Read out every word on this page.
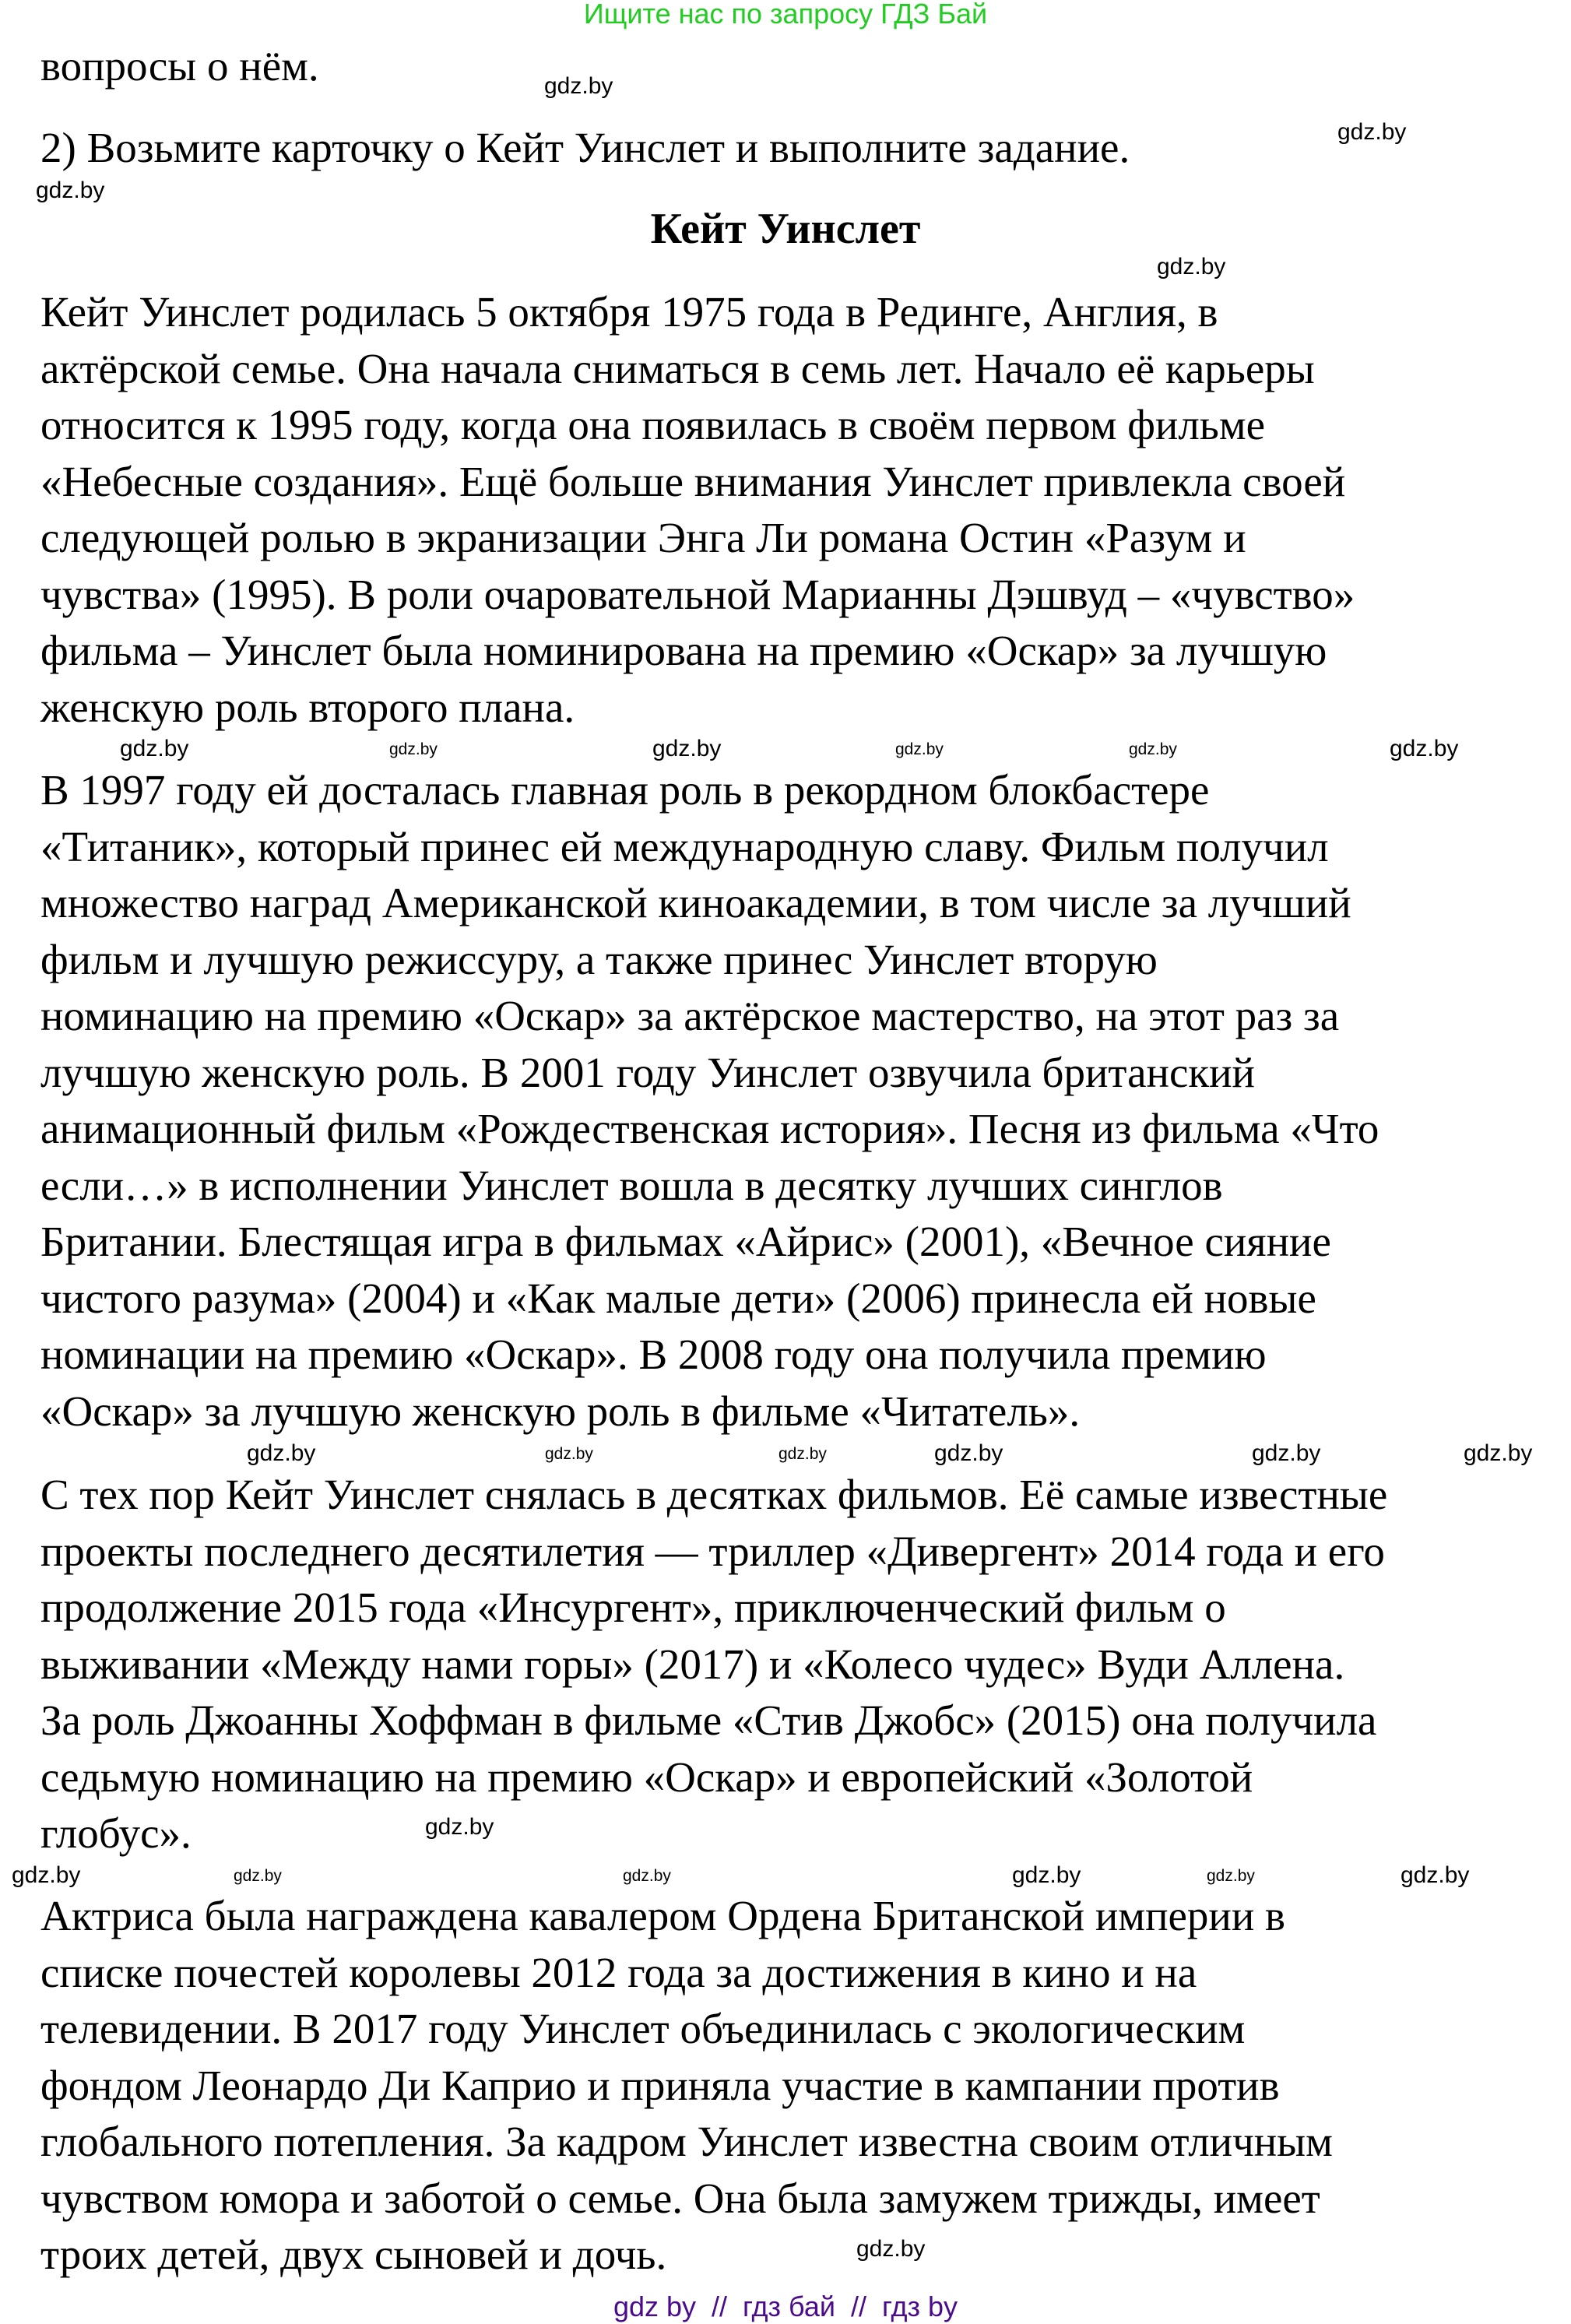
Ищите нас по запросу ГДЗ Бай
вопросы о нём.
2) Возьмите карточку о Кейт Уинслет и выполните задание.
Кейт Уинслет
Кейт Уинслет родилась 5 октября 1975 года в Рединге, Англия, в
актёрской семье. Она начала сниматься в семь лет. Начало её карьеры
относится к 1995 году, когда она появилась в своём первом фильме
«Небесные создания». Ещё больше внимания Уинслет привлекла своей
следующей ролью в экранизации Энга Ли романа Остин «Разум и
чувства» (1995). В роли очаровательной Марианны Дэшвуд – «чувство»
фильма – Уинслет была номинирована на премию «Оскар» за лучшую
женскую роль второго плана.
В 1997 году ей досталась главная роль в рекордном блокбастере
«Титаник», который принес ей международную славу. Фильм получил
множество наград Американской киноакадемии, в том числе за лучший
фильм и лучшую режиссуру, а также принес Уинслет вторую
номинацию на премию «Оскар» за актёрское мастерство, на этот раз за
лучшую женскую роль. В 2001 году Уинслет озвучила британский
анимационный фильм «Рождественская история». Песня из фильма «Что
если…» в исполнении Уинслет вошла в десятку лучших синглов
Британии. Блестящая игра в фильмах «Айрис» (2001), «Вечное сияние
чистого разума» (2004) и «Как малые дети» (2006) принесла ей новые
номинации на премию «Оскар». В 2008 году она получила премию
«Оскар» за лучшую женскую роль в фильме «Читатель».
С тех пор Кейт Уинслет снялась в десятках фильмов. Её самые известные
проекты последнего десятилетия — триллер «Дивергент» 2014 года и его
продолжение 2015 года «Инсургент», приключенческий фильм о
выживании «Между нами горы» (2017) и «Колесо чудес» Вуди Аллена.
За роль Джоанны Хоффман в фильме «Стив Джобс» (2015) она получила
седьмую номинацию на премию «Оскар» и европейский «Золотой
глобус».
Актриса была награждена кавалером Ордена Британской империи в
списке почестей королевы 2012 года за достижения в кино и на
телевидении. В 2017 году Уинслет объединилась с экологическим
фондом Леонардо Ди Каприо и приняла участие в кампании против
глобального потепления. За кадром Уинслет известна своим отличным
чувством юмора и заботой о семье. Она была замужем трижды, имеет
троих детей, двух сыновей и дочь.
gdz.by
gdz.by
gdz.by
gdz.by
gdz.by	gdz.by	gdz.by	gdz.by	gdz.by	gdz.by
gdz.by	gdz.by	gdz.by	gdz.by	gdz.by	gdz.by
gdz.by
gdz.by	gdz.by	gdz.by	gdz.by	gdz.by	gdz.by
gdz.by
gdz by  //  гдз бай  //  гдз by
